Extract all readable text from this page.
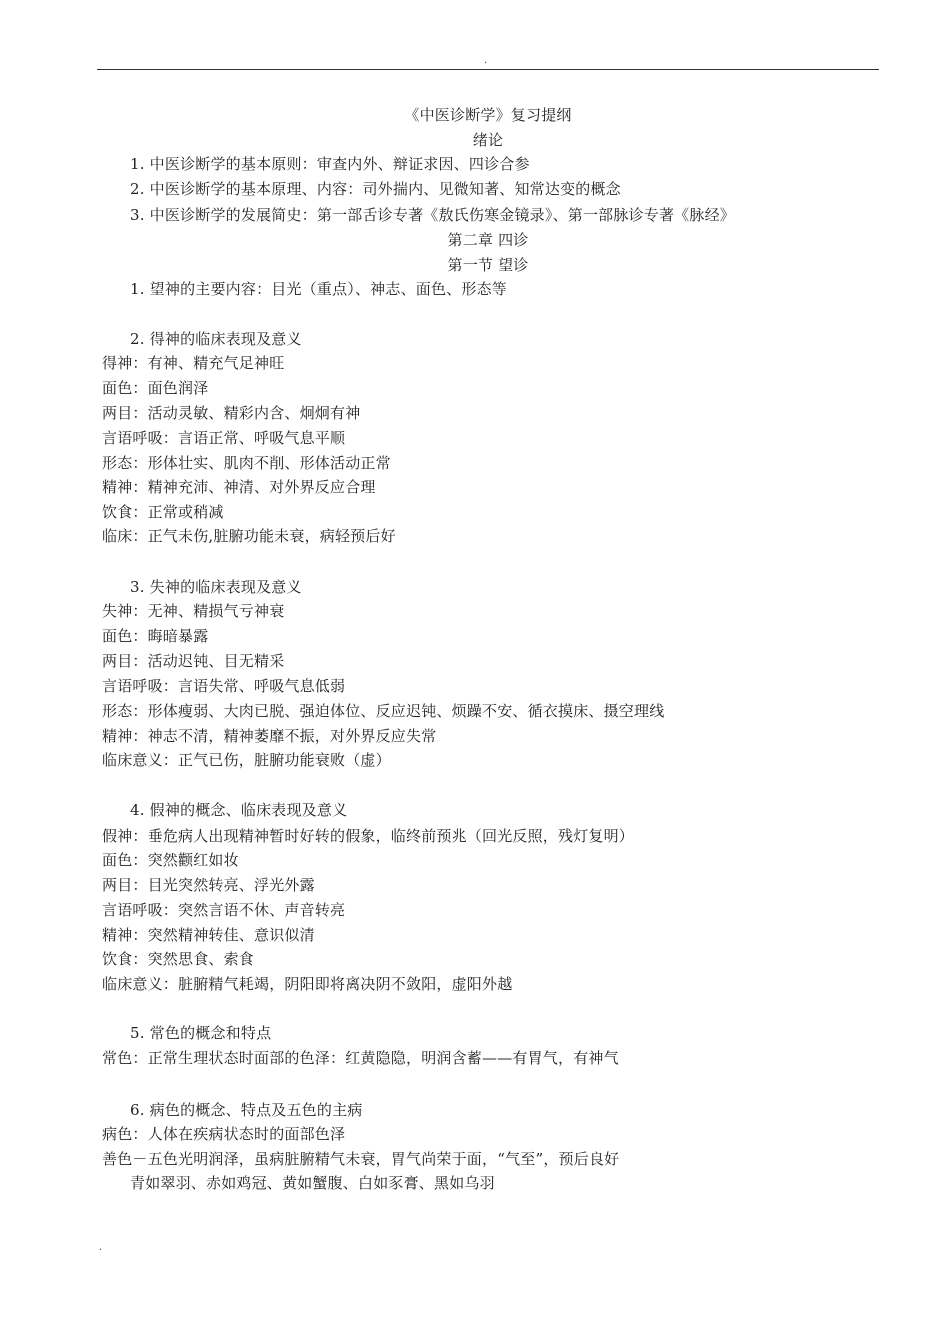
.
《中医诊断学》复习提纲
绪论
1. 中医诊断学的基本原则：审查内外、辩证求因、四诊合参
2. 中医诊断学的基本原理、内容：司外揣内、见微知著、知常达变的概念
3. 中医诊断学的发展简史：第一部舌诊专著《敖氏伤寒金镜录》、第一部脉诊专著《脉经》
第二章 四诊
第一节 望诊
1. 望神的主要内容：目光（重点）、神志、面色、形态等
2. 得神的临床表现及意义
得神：有神、精充气足神旺
面色：面色润泽
两目：活动灵敏、精彩内含、炯炯有神
言语呼吸：言语正常、呼吸气息平顺
形态：形体壮实、肌肉不削、形体活动正常
精神：精神充沛、神清、对外界反应合理
饮食：正常或稍减
临床：正气未伤,脏腑功能未衰，病轻预后好
3. 失神的临床表现及意义
失神：无神、精损气亏神衰
面色：晦暗暴露
两目：活动迟钝、目无精采
言语呼吸：言语失常、呼吸气息低弱
形态：形体瘦弱、大肉已脱、强迫体位、反应迟钝、烦躁不安、循衣摸床、摄空理线
精神：神志不清，精神萎靡不振，对外界反应失常
临床意义：正气已伤，脏腑功能衰败（虚）
4. 假神的概念、临床表现及意义
假神：垂危病人出现精神暂时好转的假象，临终前预兆（回光反照，残灯复明）
面色：突然颧红如妆
两目：目光突然转亮、浮光外露
言语呼吸：突然言语不休、声音转亮
精神：突然精神转佳、意识似清
饮食：突然思食、索食
临床意义：脏腑精气耗竭，阴阳即将离决阴不敛阳，虚阳外越
5. 常色的概念和特点
常色：正常生理状态时面部的色泽：红黄隐隐，明润含蓄——有胃气，有神气
6. 病色的概念、特点及五色的主病
病色：人体在疾病状态时的面部色泽
善色－五色光明润泽，虽病脏腑精气未衰，胃气尚荣于面，“气至”，预后良好
青如翠羽、赤如鸡冠、黄如蟹腹、白如豕膏、黑如乌羽
.
